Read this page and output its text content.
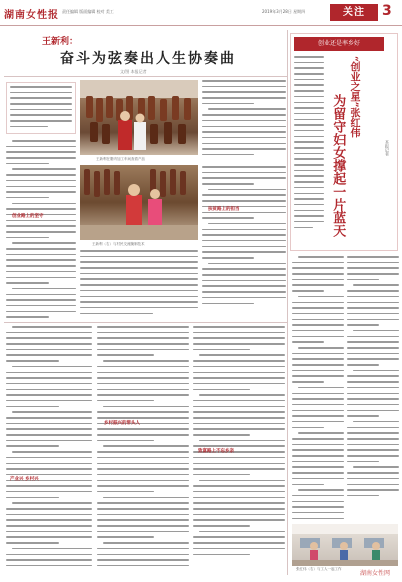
湖南女性报 责任编辑 版面编辑 校对 美工	2019年3月28日 星期四	关注	3
王新利：
奋斗为弦奏出人生协奏曲
文/图 本报记者
创业路上的坚守
王新利在腊肉加工车间查看产品
王新利（右）与村民交流腌制技术
扶贫路上的担当
产业兴 乡村兴
乡村振兴的带头人
致富路上不忘乡亲
创业还是率乡好
“创业之星”张红伟
为留守妇女撑起一片蓝天	本报记者
张红伟（右）与工人一起工作
湖南女性网
